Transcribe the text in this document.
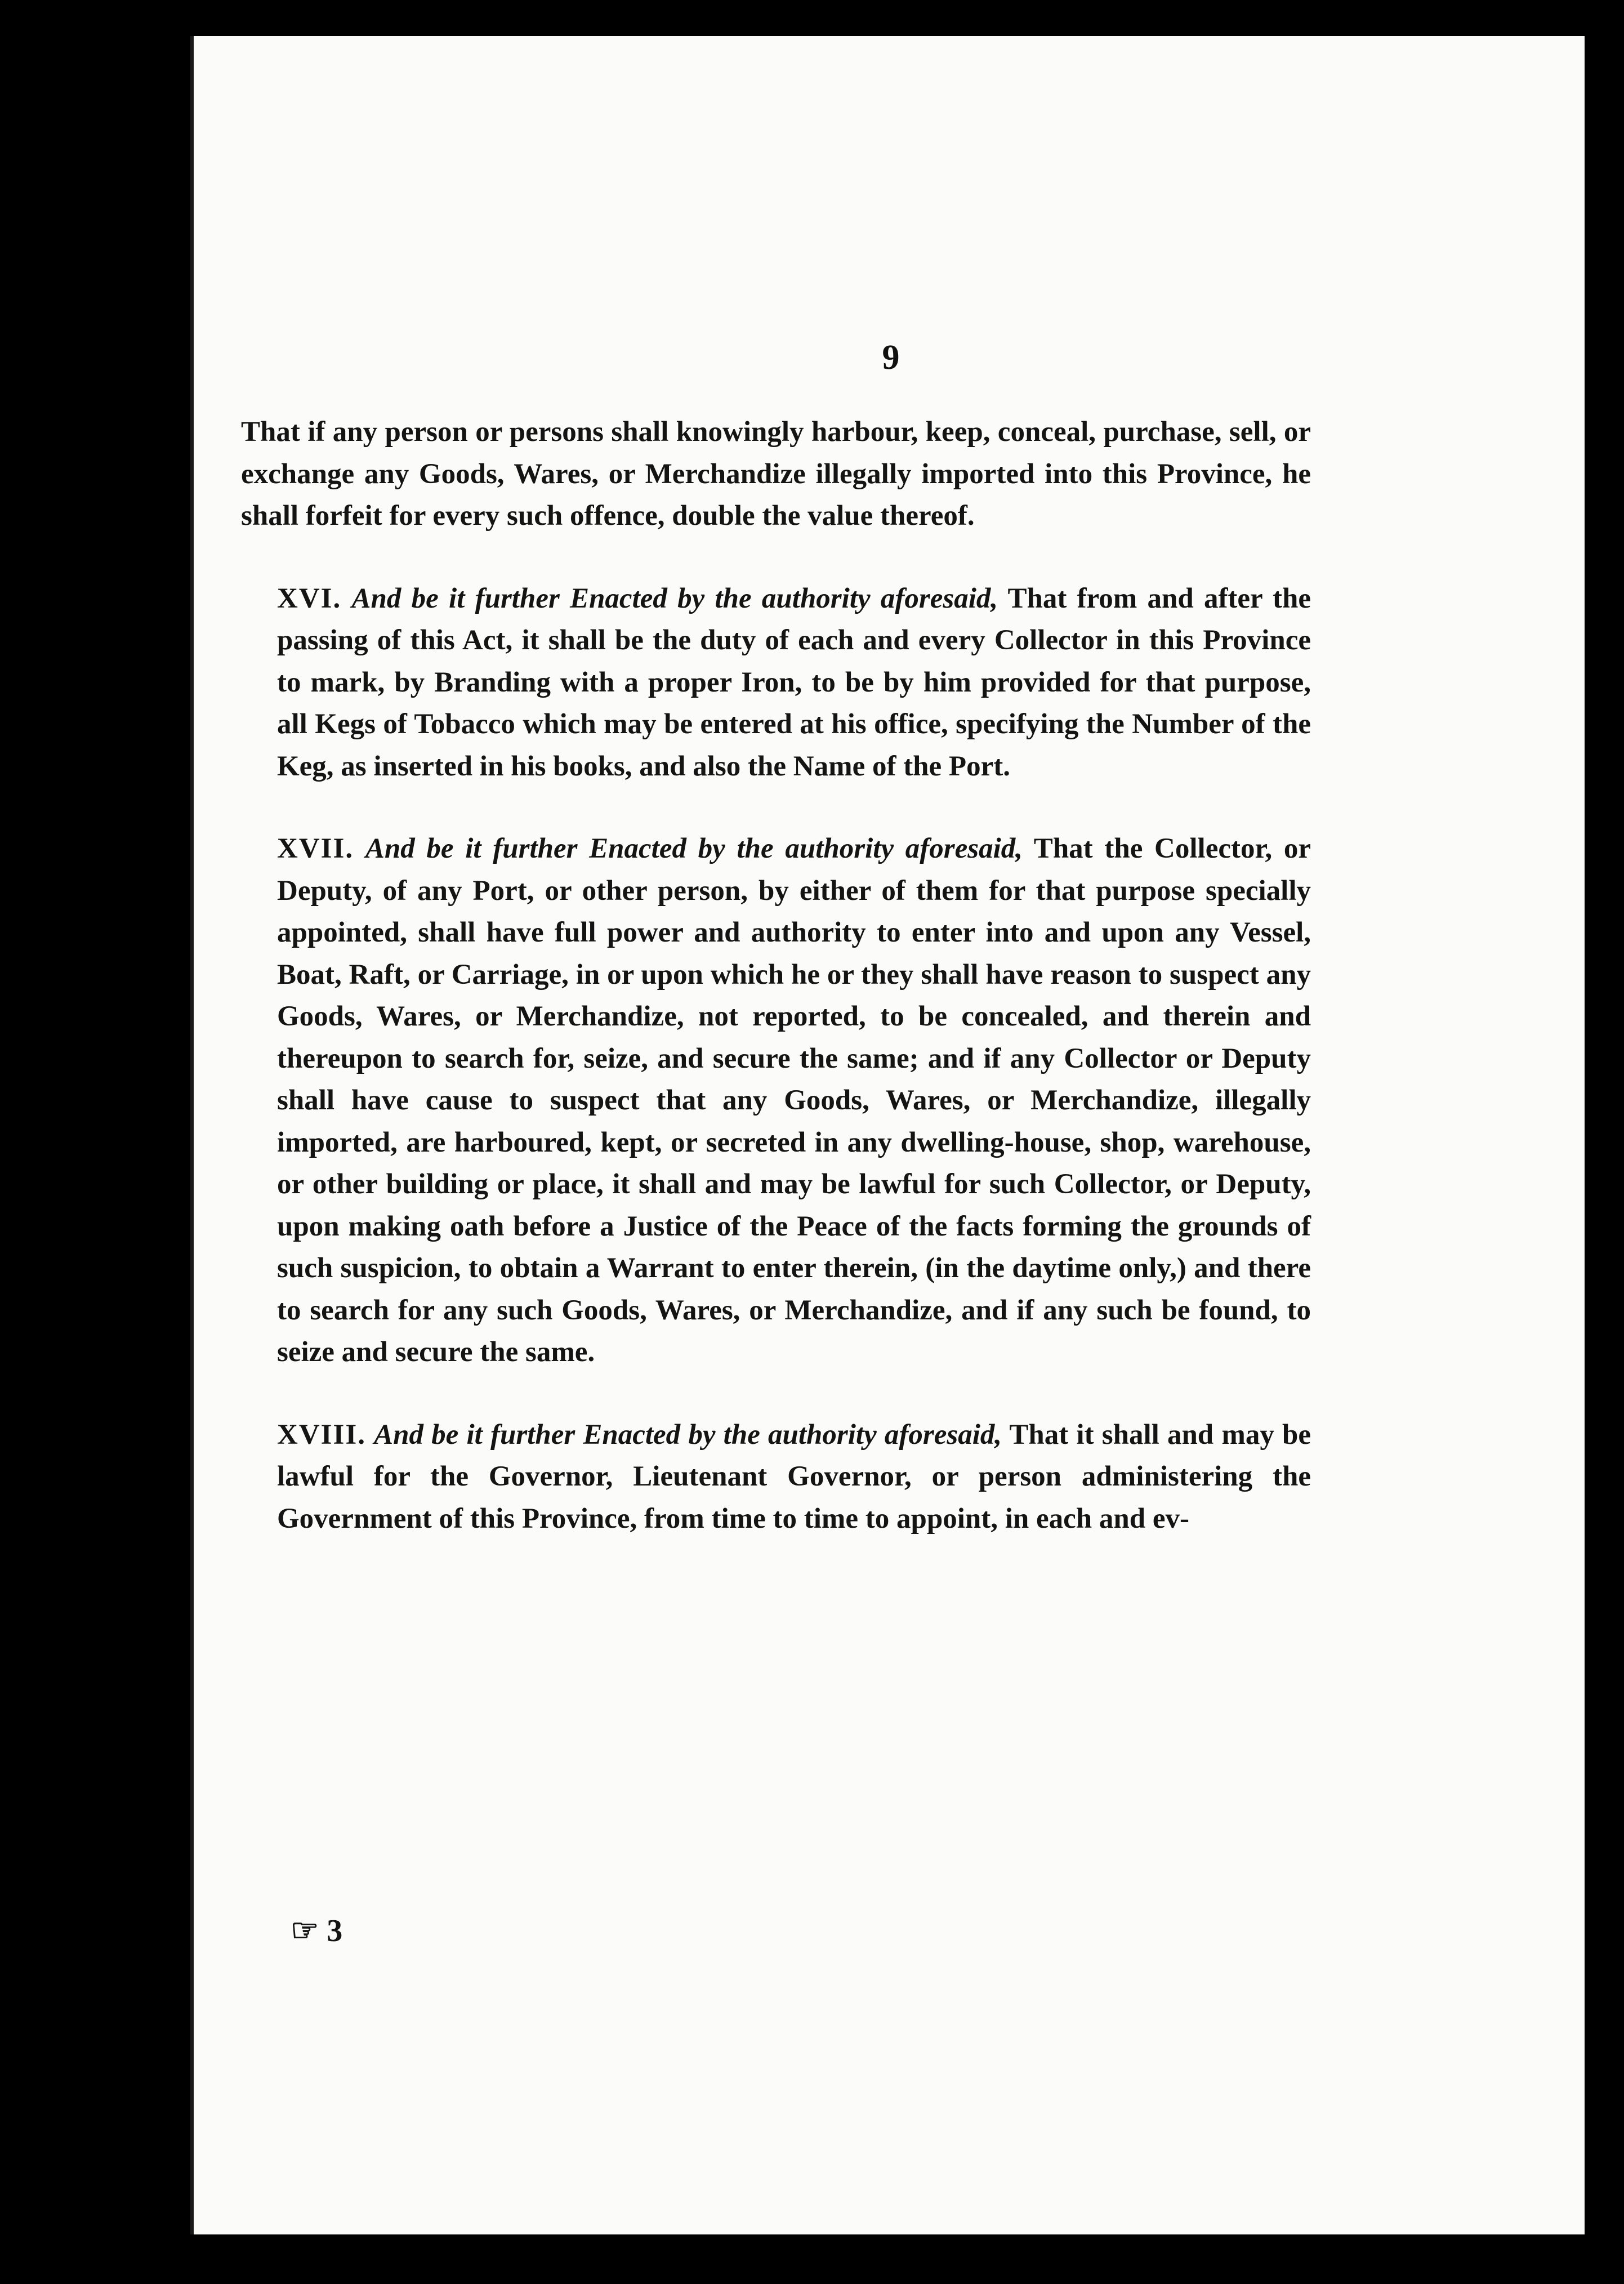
9

That if any person or persons shall knowingly harbour, keep, conceal, purchase, sell, or exchange any Goods, Wares, or Merchandize illegally imported into this Province, he shall forfeit for every such offence, double the value thereof.

XVI. And be it further Enacted by the authority aforesaid, That from and after the passing of this Act, it shall be the duty of each and every Collector in this Province to mark, by Branding with a proper Iron, to be by him provided for that purpose, all Kegs of Tobacco which may be entered at his office, specifying the Number of the Keg, as inserted in his books, and also the Name of the Port.

XVII. And be it further Enacted by the authority aforesaid, That the Collector, or Deputy, of any Port, or other person, by either of them for that purpose specially appointed, shall have full power and authority to enter into and upon any Vessel, Boat, Raft, or Carriage, in or upon which he or they shall have reason to suspect any Goods, Wares, or Merchandize, not reported, to be concealed, and therein and thereupon to search for, seize, and secure the same; and if any Collector or Deputy shall have cause to suspect that any Goods, Wares, or Merchandize, illegally imported, are harboured, kept, or secreted in any dwelling-house, shop, warehouse, or other building or place, it shall and may be lawful for such Collector, or Deputy, upon making oath before a Justice of the Peace of the facts forming the grounds of such suspicion, to obtain a Warrant to enter therein, (in the daytime only,) and there to search for any such Goods, Wares, or Merchandize, and if any such be found, to seize and secure the same.

XVIII. And be it further Enacted by the authority aforesaid, That it shall and may be lawful for the Governor, Lieutenant Governor, or person administering the Government of this Province, from time to time to appoint, in each and ev-

☞ 3
